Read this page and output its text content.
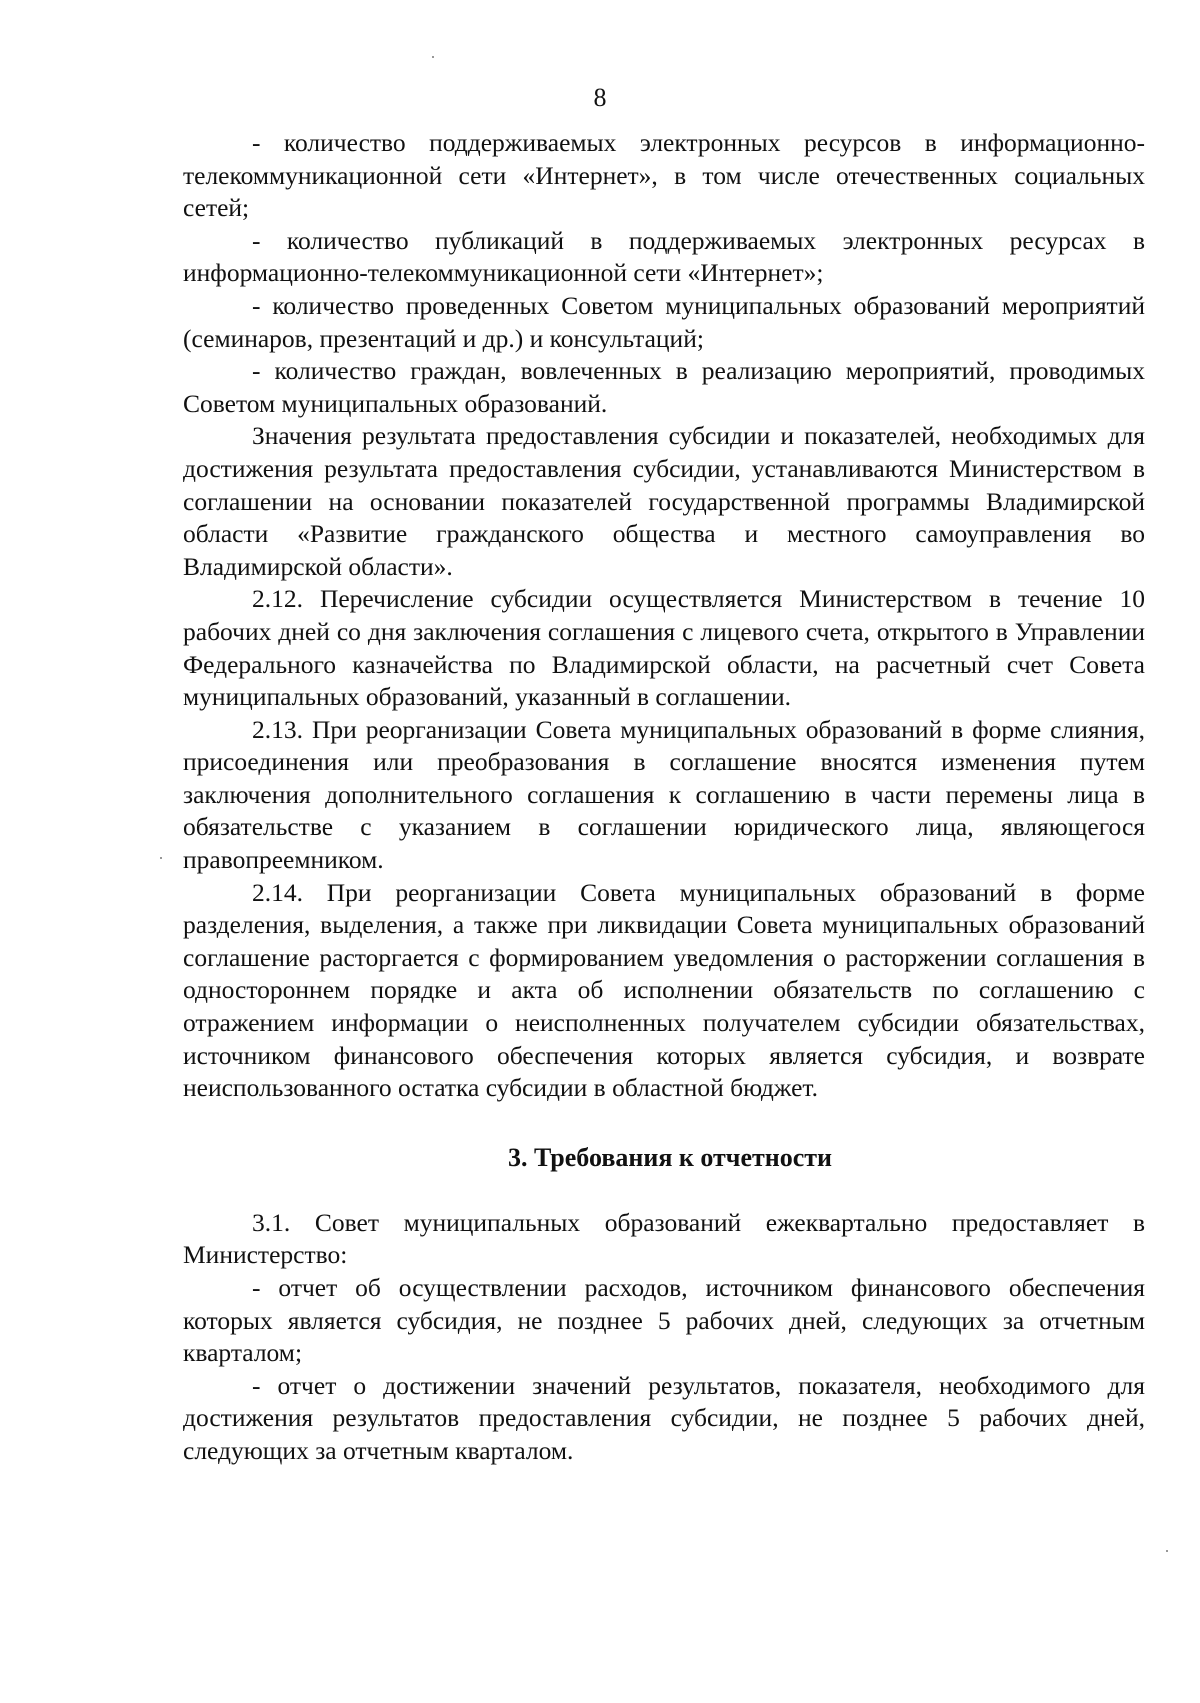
8

- количество поддерживаемых электронных ресурсов в информационно-телекоммуникационной сети «Интернет», в том числе отечественных социальных сетей;

- количество публикаций в поддерживаемых электронных ресурсах в информационно-телекоммуникационной сети «Интернет»;

- количество проведенных Советом муниципальных образований мероприятий (семинаров, презентаций и др.) и консультаций;

- количество граждан, вовлеченных в реализацию мероприятий, проводимых Советом муниципальных образований.

Значения результата предоставления субсидии и показателей, необходимых для достижения результата предоставления субсидии, устанавливаются Министерством в соглашении на основании показателей государственной программы Владимирской области «Развитие гражданского общества и местного самоуправления во Владимирской области».

2.12. Перечисление субсидии осуществляется Министерством в течение 10 рабочих дней со дня заключения соглашения с лицевого счета, открытого в Управлении Федерального казначейства по Владимирской области, на расчетный счет Совета муниципальных образований, указанный в соглашении.

2.13. При реорганизации Совета муниципальных образований в форме слияния, присоединения или преобразования в соглашение вносятся изменения путем заключения дополнительного соглашения к соглашению в части перемены лица в обязательстве с указанием в соглашении юридического лица, являющегося правопреемником.

2.14. При реорганизации Совета муниципальных образований в форме разделения, выделения, а также при ликвидации Совета муниципальных образований соглашение расторгается с формированием уведомления о расторжении соглашения в одностороннем порядке и акта об исполнении обязательств по соглашению с отражением информации о неисполненных получателем субсидии обязательствах, источником финансового обеспечения которых является субсидия, и возврате неиспользованного остатка субсидии в областной бюджет.

3. Требования к отчетности

3.1. Совет муниципальных образований ежеквартально предоставляет в Министерство:

- отчет об осуществлении расходов, источником финансового обеспечения которых является субсидия, не позднее 5 рабочих дней, следующих за отчетным кварталом;

- отчет о достижении значений результатов, показателя, необходимого для достижения результатов предоставления субсидии, не позднее 5 рабочих дней, следующих за отчетным кварталом.
